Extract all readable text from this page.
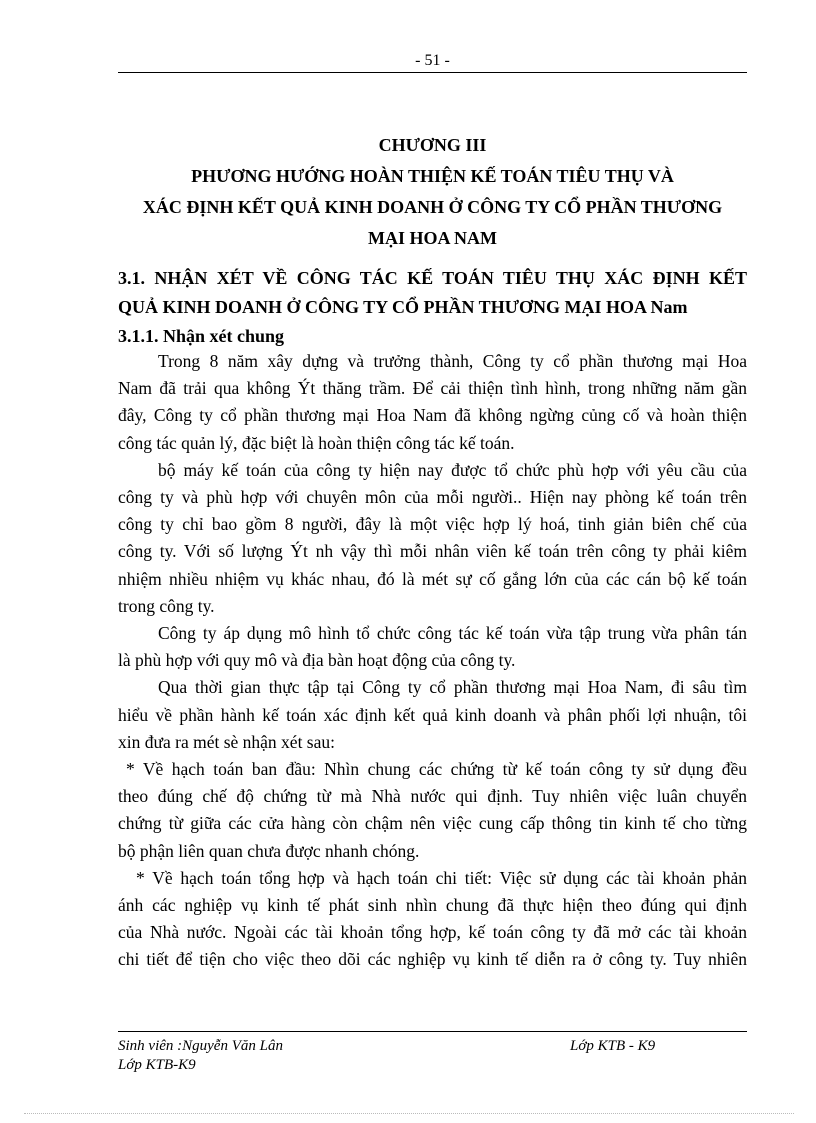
- 51 -
CHƯƠNG III
PHƯƠNG HƯỚNG HOÀN THIỆN KẾ TOÁN TIÊU THỤ VÀ
XÁC ĐỊNH KẾT QUẢ KINH DOANH Ở CÔNG TY CỔ PHẦN THƯƠNG
MẠI HOA NAM
3.1. NHẬN XÉT VỀ CÔNG TÁC KẾ TOÁN TIÊU THỤ XÁC ĐỊNH KẾT
QUẢ KINH DOANH Ở CÔNG TY CỔ PHẦN THƯƠNG MẠI HOA Nam
3.1.1. Nhận xét chung
Trong 8 năm xây dựng và trưởng thành, Công ty cổ phần thương mại Hoa
Nam đã trải qua không Ýt thăng trầm. Để cải thiện tình hình, trong những năm gần
đây, Công ty cổ phần thương mại Hoa Nam đã không ngừng củng cố và hoàn thiện
công tác quản lý, đặc biệt là hoàn thiện công tác kế toán.
bộ máy kế toán của công ty hiện nay được tổ chức phù hợp với yêu cầu của
công ty và phù hợp với chuyên môn của mỗi người.. Hiện nay phòng kế toán trên
công ty chỉ bao gồm 8 người, đây là một việc hợp lý hoá, tinh giản biên chế của
công ty. Với số lượng Ýt nh vậy thì mỗi nhân viên kế toán trên công ty phải kiêm
nhiệm nhiều nhiệm vụ khác nhau, đó là mét sự cố gắng lớn của các cán bộ kế toán
trong công ty.
Công ty áp dụng mô hình tổ chức công tác kế toán vừa tập trung vừa phân tán
là phù hợp với quy mô và địa bàn hoạt động của công ty.
Qua thời gian thực tập tại Công ty cổ phần thương mại Hoa Nam, đi sâu tìm
hiểu về phần hành kế toán xác định kết quả kinh doanh và phân phối lợi nhuận, tôi
xin đưa ra mét sè nhận xét sau:
* Về hạch toán ban đầu: Nhìn chung các chứng từ kế toán công ty sử dụng đều
theo đúng chế độ chứng từ mà Nhà nước qui định. Tuy nhiên việc luân chuyển
chứng từ giữa các cửa hàng còn chậm nên việc cung cấp thông tin kinh tế cho từng
bộ phận liên quan chưa được nhanh chóng.
* Về hạch toán tổng hợp và hạch toán chi tiết: Việc sử dụng các tài khoản phản
ánh các nghiệp vụ kinh tế phát sinh nhìn chung đã thực hiện theo đúng qui định
của Nhà nước. Ngoài các tài khoản tổng hợp, kế toán công ty đã mở các tài khoản
chi tiết để tiện cho việc theo dõi các nghiệp vụ kinh tế diễn ra ở công ty. Tuy nhiên
Sinh viên :Nguyễn Văn Lân	Lớp KTB - K9
Lớp KTB-K9
